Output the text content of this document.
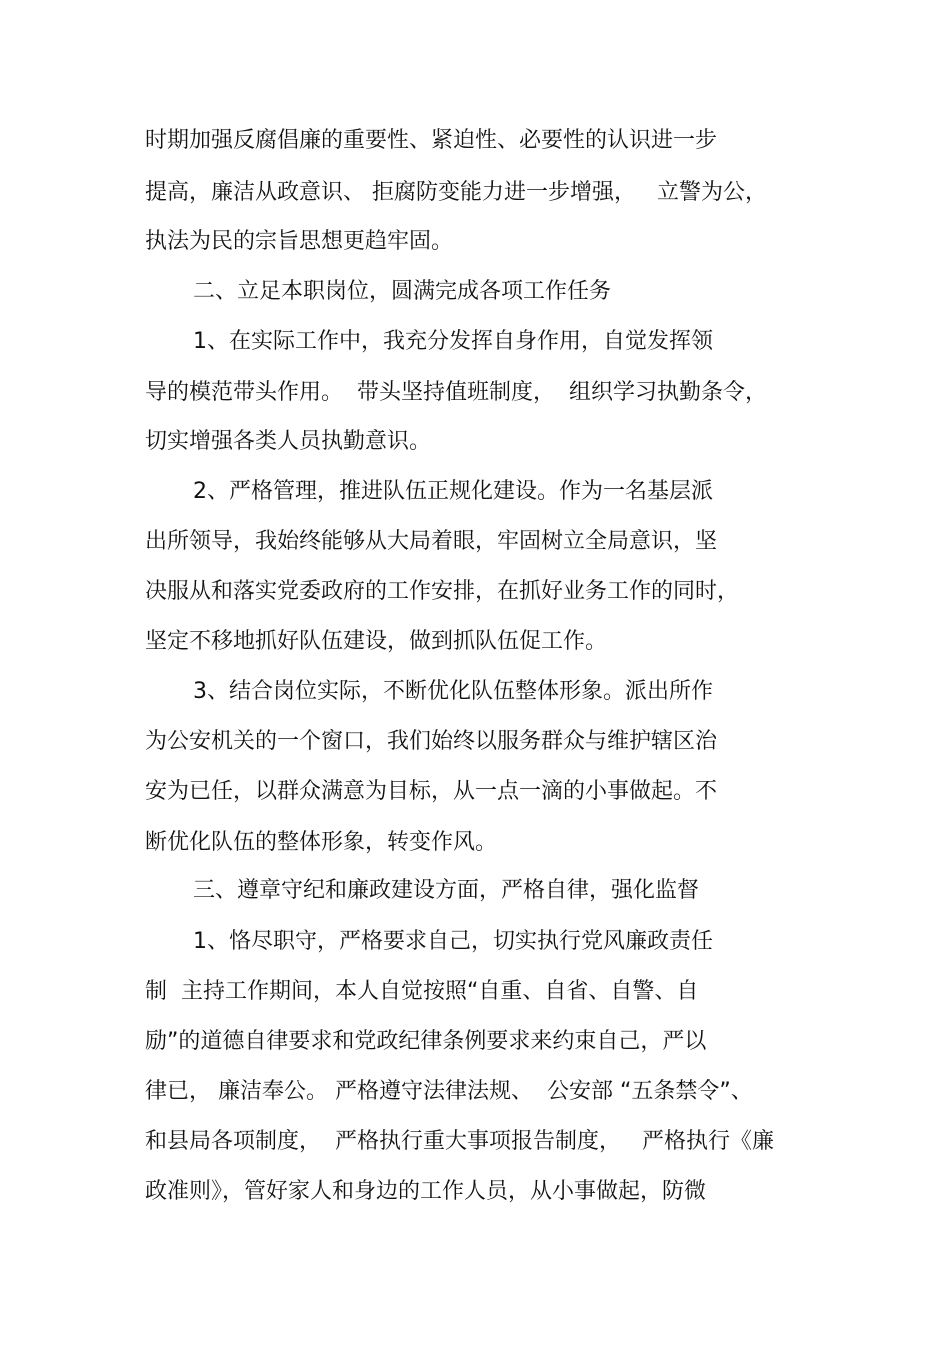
时期加强反腐倡廉的重要性、紧迫性、必要性的认识进一步
提高，廉洁从政意识、 拒腐防变能力进一步增强，   立警为公，
执法为民的宗旨思想更趋牢固。
二、立足本职岗位，圆满完成各项工作任务
1、在实际工作中，我充分发挥自身作用，自觉发挥领
导的模范带头作用。  带头坚持值班制度，  组织学习执勤条令，
切实增强各类人员执勤意识。
2、严格管理，推进队伍正规化建设。作为一名基层派
出所领导，我始终能够从大局着眼，牢固树立全局意识，坚
决服从和落实党委政府的工作安排，在抓好业务工作的同时，
坚定不移地抓好队伍建设，做到抓队伍促工作。
3、结合岗位实际，不断优化队伍整体形象。派出所作
为公安机关的一个窗口，我们始终以服务群众与维护辖区治
安为已任，以群众满意为目标，从一点一滴的小事做起。不
断优化队伍的整体形象，转变作风。
三、遵章守纪和廉政建设方面，严格自律，强化监督
1、恪尽职守，严格要求自己，切实执行党风廉政责任
制  主持工作期间，本人自觉按照“自重、自省、自警、自
励”的道德自律要求和党政纪律条例要求来约束自己，严以
律已， 廉洁奉公。 严格遵守法律法规、  公安部 “五条禁令”、
和县局各项制度，  严格执行重大事项报告制度，   严格执行《廉
政准则》，管好家人和身边的工作人员，从小事做起，防微
